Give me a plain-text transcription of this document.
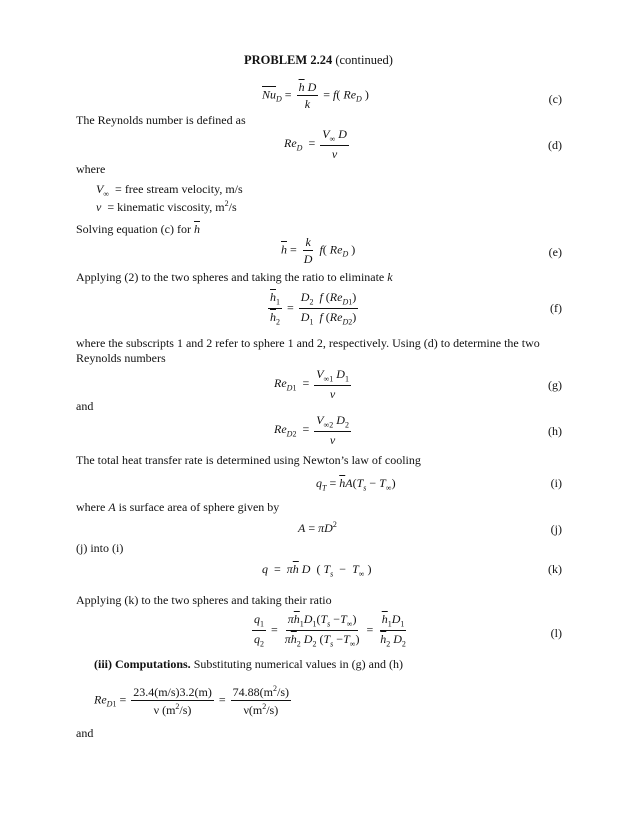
PROBLEM 2.24 (continued)
$\overline{Nu}_D = \frac{\overline{h} D}{k} = f$( $Re_D$ )	(c)
The Reynolds number is defined as
$Re_D = \frac{V_\infty D}{\nu}$	(d)
where
$V_\infty$ = free stream velocity, m/s
ν = kinematic viscosity, $m^2/s$
Solving equation (c) for $\overline{h}$
$\overline{h} = \frac{k}{D} f$( $Re_D$ )	(e)
Applying (2) to the two spheres and taking the ratio to eliminate k
$\frac{\overline{h}_1}{\overline{h}_2} = \frac{D_2 f (Re_{D1})}{D_1 f (Re_{D2})}$	(f)
where the subscripts 1 and 2 refer to sphere 1 and 2, respectively. Using (d) to determine the two
Reynolds numbers
$Re_{D1} = \frac{V_{\infty 1} D_1}{\nu}$	(g)
and
$Re_{D2} = \frac{V_{\infty 2} D_2}{\nu}$	(h)
The total heat transfer rate is determined using Newton’s law of cooling
$q_T = \overline{h}A(T_s - T_\infty)$	(i)
where A is surface area of sphere given by
$A = \pi D^2$	(j)
(j) into (i)
$q = \pi\overline{h}$ D  ( $T_s - T_\infty$ )	(k)
Applying (k) to the two spheres and taking their ratio
$\frac{q_1}{q_2} = \frac{\pi\overline{h}_1D_1(T_s -T_\infty)}{\pi\overline{h}_2 D_2 (T_s -T_\infty)} = \frac{\overline{h}_1D_1}{\overline{h}_2 D_2}$	(l)
(iii) Computations. Substituting numerical values in (g) and (h)
$Re_{D1} = \frac{23.4(m/s)3.2(m)}{\nu (m^2/s)} = \frac{74.88(m^2/s)}{\nu(m^2/s)}$
and
